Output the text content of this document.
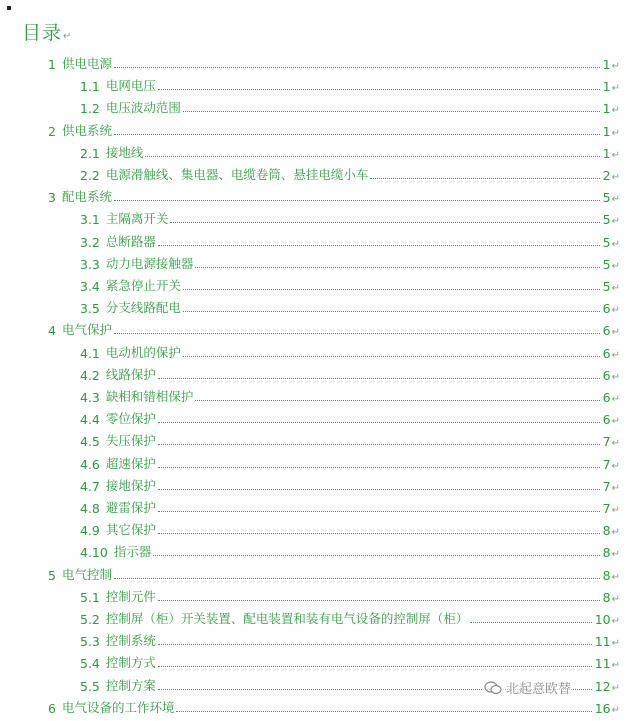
目录↵
1 供电电源	1 ↵
1.1 电网电压	1 ↵
1.2 电压波动范围	1 ↵
2 供电系统	1 ↵
2.1 接地线	1 ↵
2.2 电源滑触线、集电器、电缆卷筒、悬挂电缆小车	2 ↵
3 配电系统	5 ↵
3.1 主隔离开关	5 ↵
3.2 总断路器	5 ↵
3.3 动力电源接触器	5 ↵
3.4 紧急停止开关	5 ↵
3.5 分支线路配电	6 ↵
4 电气保护	6 ↵
4.1 电动机的保护	6 ↵
4.2 线路保护	6 ↵
4.3 缺相和错相保护	6 ↵
4.4 零位保护	6 ↵
4.5 失压保护	7 ↵
4.6 超速保护	7 ↵
4.7 接地保护	7 ↵
4.8 避雷保护	7 ↵
4.9 其它保护	8 ↵
4.10 指示器	8 ↵
5 电气控制	8 ↵
5.1 控制元件	8 ↵
5.2 控制屏（柜）开关装置、配电装置和装有电气设备的控制屏（柜）	10 ↵
5.3 控制系统	11 ↵
5.4 控制方式	11 ↵
5.5 控制方案	12 ↵
6 电气设备的工作环境	16 ↵
北起意欧替
